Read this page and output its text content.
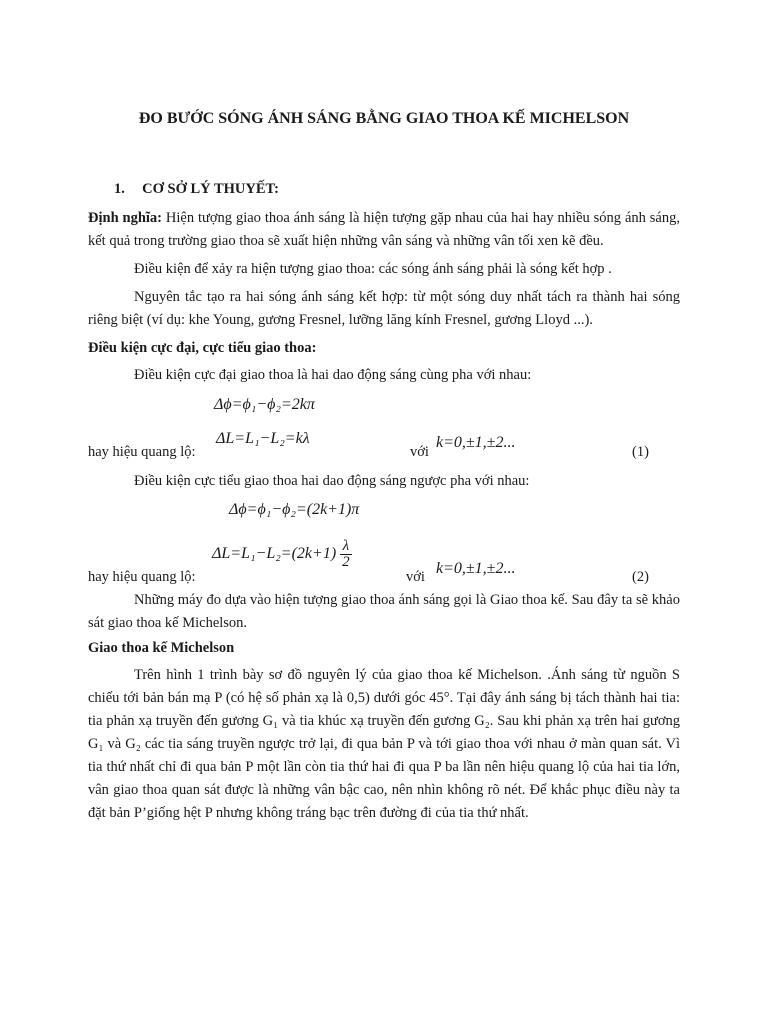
ĐO BƯỚC SÓNG ÁNH SÁNG BẰNG GIAO THOA KẾ MICHELSON
1. CƠ SỞ LÝ THUYẾT:
Định nghĩa: Hiện tượng giao thoa ánh sáng là hiện tượng gặp nhau của hai hay nhiều sóng ánh sáng, kết quả trong trường giao thoa sẽ xuất hiện những vân sáng và những vân tối xen kẽ đều.
Điều kiện để xảy ra hiện tượng giao thoa: các sóng ánh sáng phải là sóng kết hợp .
Nguyên tắc tạo ra hai sóng ánh sáng kết hợp: từ một sóng duy nhất tách ra thành hai sóng riêng biệt (ví dụ: khe Young, gương Fresnel, lưỡng lăng kính Fresnel, gương Lloyd ...).
Điều kiện cực đại, cực tiểu giao thoa:
Điều kiện cực đại giao thoa là hai dao động sáng cùng pha với nhau:
Δϕ=ϕ₁−ϕ₂=2kπ
ΔL=L₁−L₂=kλ
hay hiệu quang lộ:	với
k=0,±1,±2...
(1)
Điều kiện cực tiểu giao thoa hai dao động sáng ngược pha với nhau:
Δϕ=ϕ₁−ϕ₂=(2k+1)π
$\Delta L=L_1-L_2=(2k+1) \frac{\lambda}{2}$
hay hiệu quang lộ:	với k=0,±1,±2...	(2)
Những máy đo dựa vào hiện tượng giao thoa ánh sáng gọi là Giao thoa kế. Sau đây ta sẽ khảo sát giao thoa kế Michelson.
Giao thoa kế Michelson
Trên hình 1 trình bày sơ đồ nguyên lý của giao thoa kế Michelson. .Ánh sáng từ nguồn S chiếu tới bản bán mạ P (có hệ số phản xạ là 0,5) dưới góc 45°. Tại đây ánh sáng bị tách thành hai tia: tia phản xạ truyền đến gương G₁ và tia khúc xạ truyền đến gương G₂. Sau khi phản xạ trên hai gương G₁ và G₂ các tia sáng truyền ngược trở lại, đi qua bản P và tới giao thoa với nhau ở màn quan sát. Vì tia thứ nhất chỉ đi qua bản P một lần còn tia thứ hai đi qua P ba lần nên hiệu quang lộ của hai tia lớn, vân giao thoa quan sát được là những vân bậc cao, nên nhìn không rõ nét. Để khắc phục điều này ta đặt bản P’giống hệt P nhưng không tráng bạc trên đường đi của tia thứ nhất.
